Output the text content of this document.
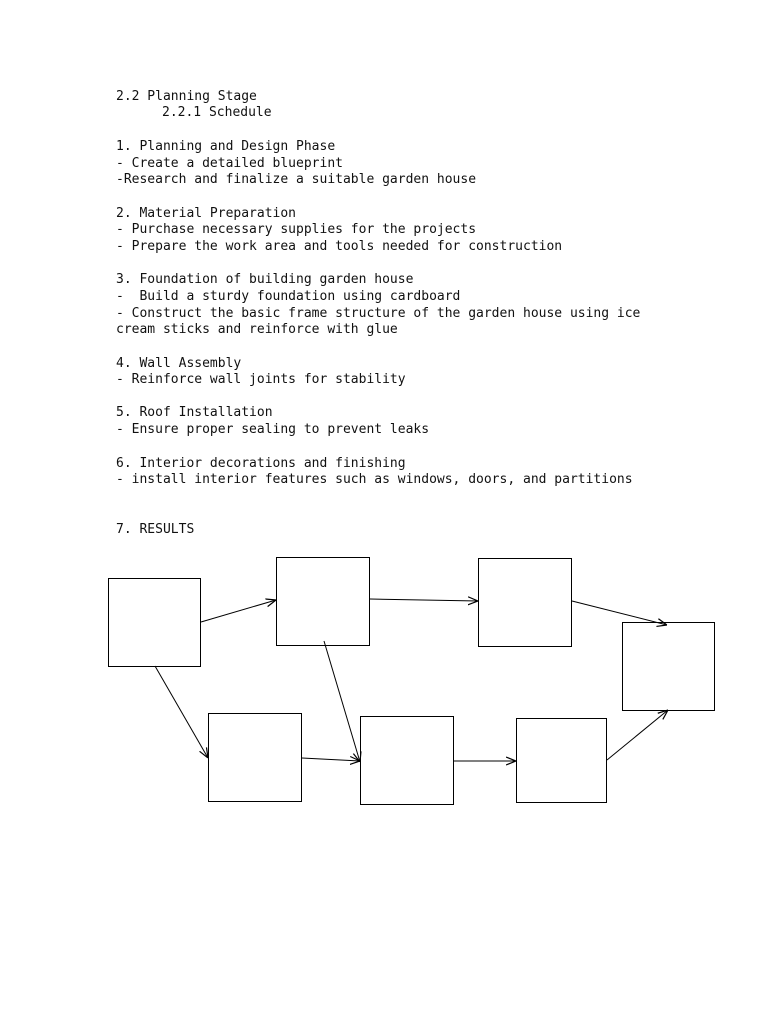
2.2 Planning Stage
2.2.1 Schedule
1. Planning and Design Phase
- Create a detailed blueprint
-Research and finalize a suitable garden house
2. Material Preparation
- Purchase necessary supplies for the projects
- Prepare the work area and tools needed for construction
3. Foundation of building garden house
-  Build a sturdy foundation using cardboard
- Construct the basic frame structure of the garden house using ice
cream sticks and reinforce with glue
4. Wall Assembly
- Reinforce wall joints for stability
5. Roof Installation
- Ensure proper sealing to prevent leaks
6. Interior decorations and finishing
- install interior features such as windows, doors, and partitions
7. RESULTS
